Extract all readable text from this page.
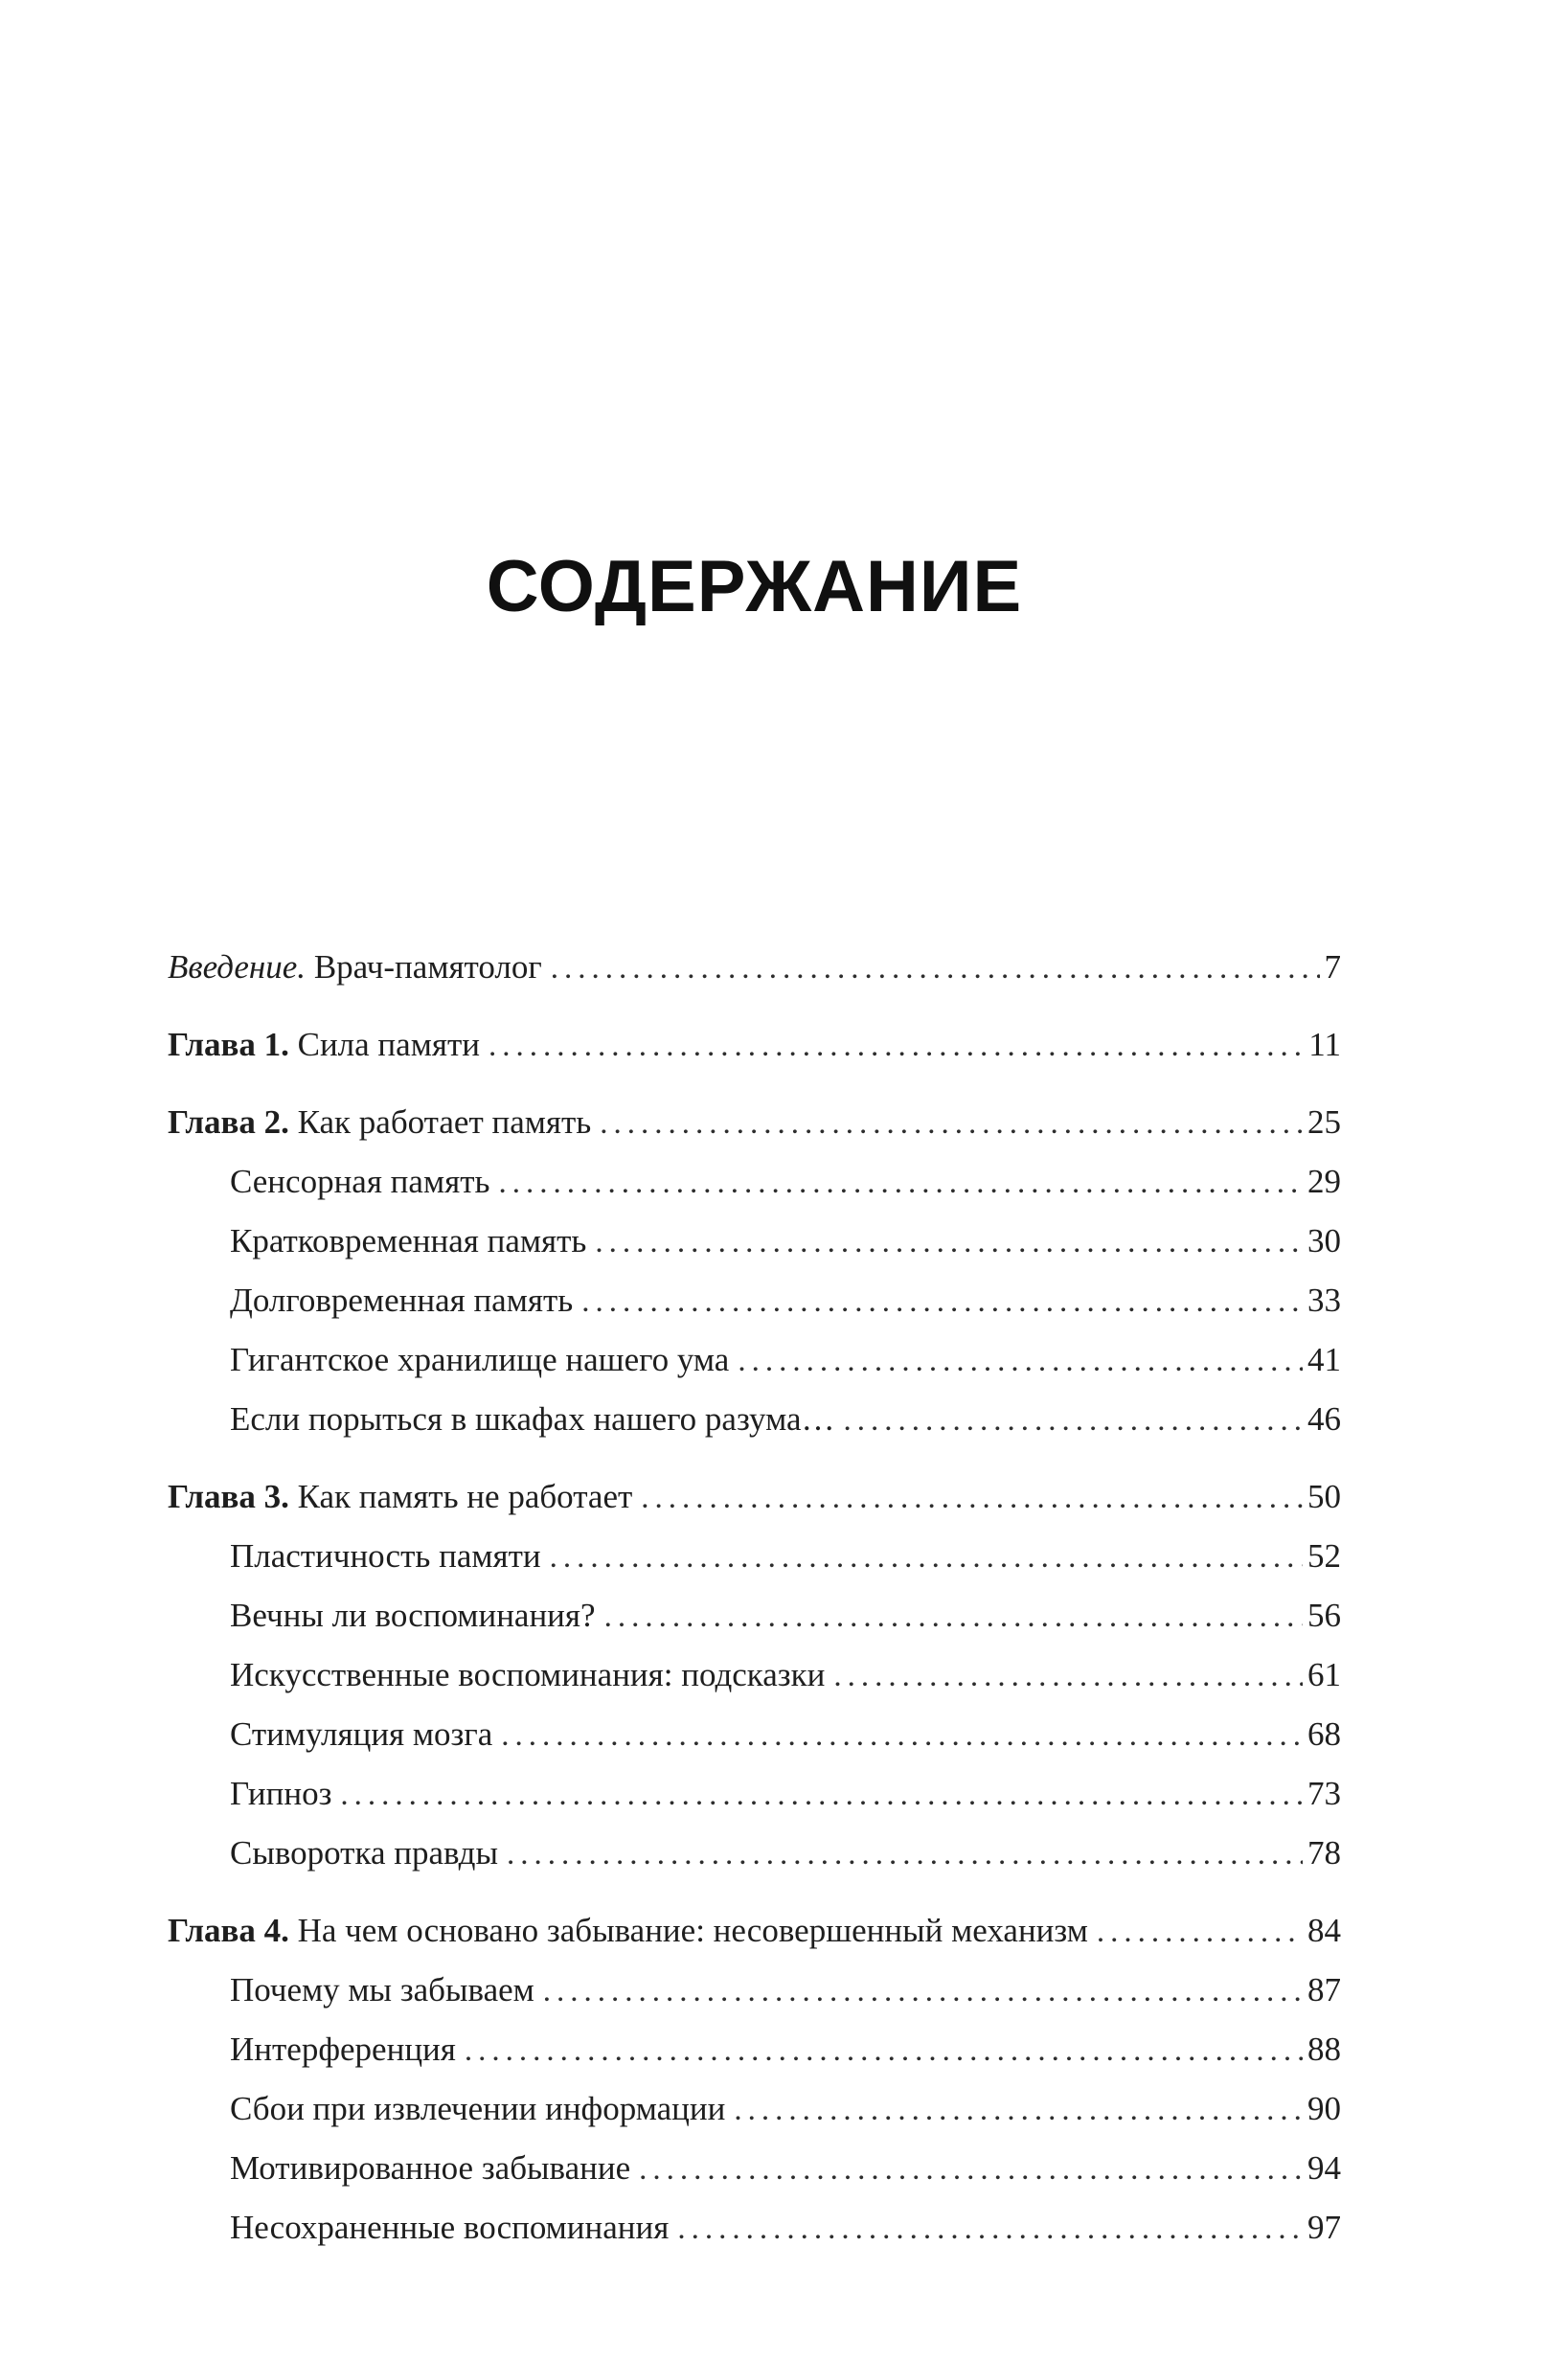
СОДЕРЖАНИЕ
Введение. Врач-памятолог .....	7
Глава 1. Сила памяти .....	11
Глава 2. Как работает память .....	25
Сенсорная память .....	29
Кратковременная память .....	30
Долговременная память .....	33
Гигантское хранилище нашего ума .....	41
Если порыться в шкафах нашего разума… .....	46
Глава 3. Как память не работает .....	50
Пластичность памяти .....	52
Вечны ли воспоминания? .....	56
Искусственные воспоминания: подсказки .....	61
Стимуляция мозга .....	68
Гипноз .....	73
Сыворотка правды .....	78
Глава 4. На чем основано забывание: несовершенный механизм .....	84
Почему мы забываем .....	87
Интерференция .....	88
Сбои при извлечении информации .....	90
Мотивированное забывание .....	94
Несохраненные воспоминания .....	97
